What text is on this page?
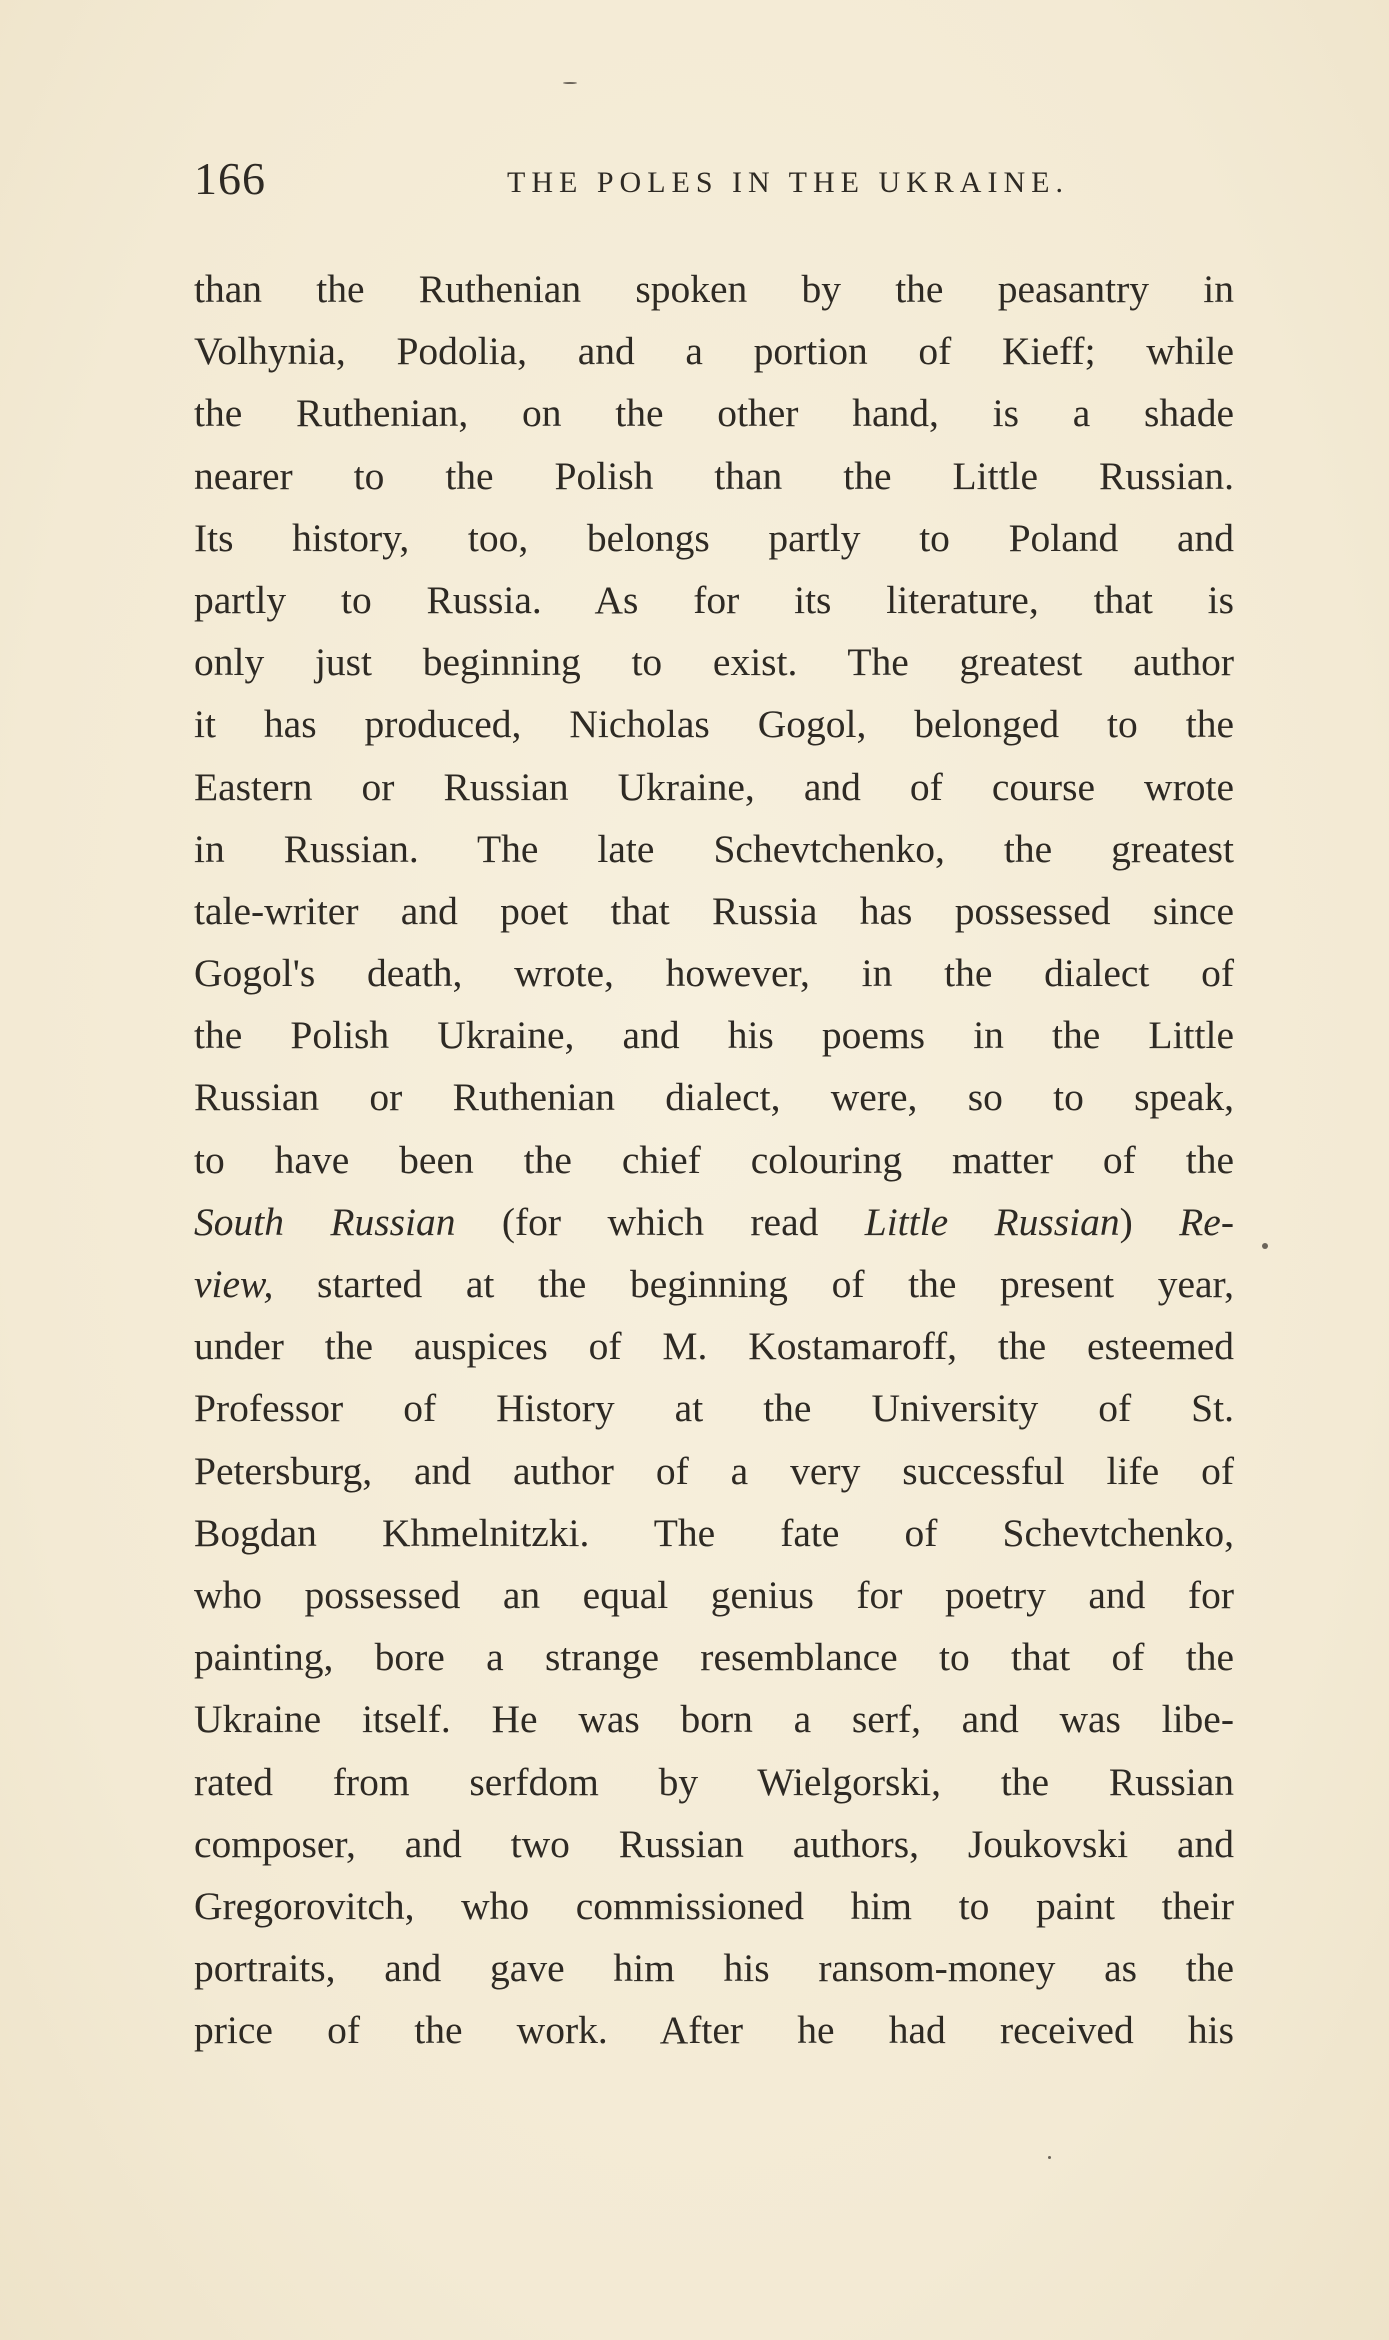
166	THE POLES IN THE UKRAINE.
than the Ruthenian spoken by the peasantry in
Volhynia, Podolia, and a portion of Kieff; while
the Ruthenian, on the other hand, is a shade
nearer to the Polish than the Little Russian.
Its history, too, belongs partly to Poland and
partly to Russia. As for its literature, that is
only just beginning to exist. The greatest author
it has produced, Nicholas Gogol, belonged to the
Eastern or Russian Ukraine, and of course wrote
in Russian. The late Schevtchenko, the greatest
tale-writer and poet that Russia has possessed since
Gogol's death, wrote, however, in the dialect of
the Polish Ukraine, and his poems in the Little
Russian or Ruthenian dialect, were, so to speak,
to have been the chief colouring matter of the
South Russian (for which read Little Russian) Re-
view, started at the beginning of the present year,
under the auspices of M. Kostamaroff, the esteemed
Professor of History at the University of St.
Petersburg, and author of a very successful life of
Bogdan Khmelnitzki. The fate of Schevtchenko,
who possessed an equal genius for poetry and for
painting, bore a strange resemblance to that of the
Ukraine itself. He was born a serf, and was libe-
rated from serfdom by Wielgorski, the Russian
composer, and two Russian authors, Joukovski and
Gregorovitch, who commissioned him to paint their
portraits, and gave him his ransom-money as the
price of the work. After he had received his
